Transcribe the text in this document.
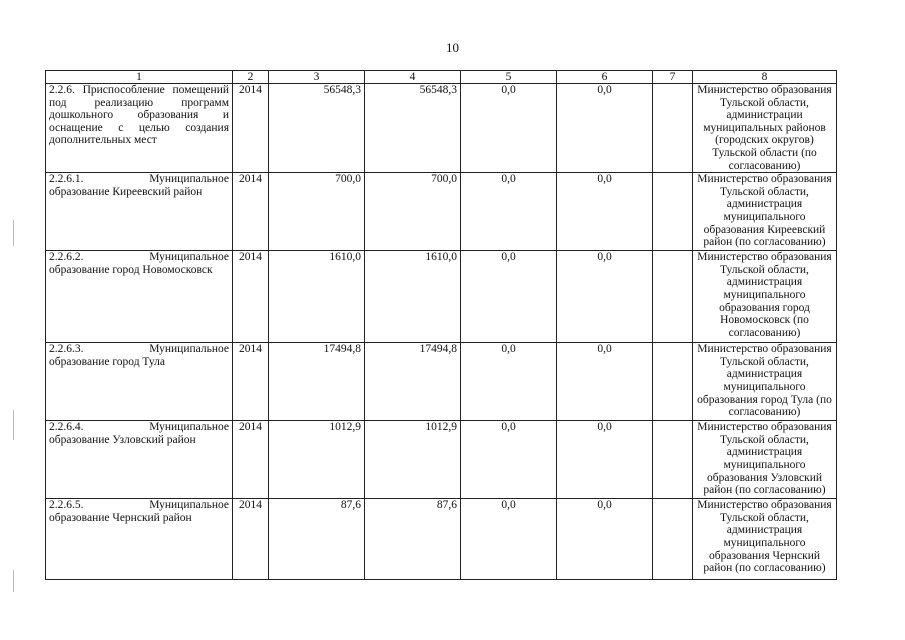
10
1	2	3	4	5	6	7	8
2.2.6. Приспособление помещений под реализацию программ дошкольного образования и оснащение с целью создания дополнительных мест	2014	56548,3	56548,3	0,0	0,0		Министерство образования Тульской области, администрации муниципальных районов (городских округов) Тульской области (по согласованию)
2.2.6.1. Муниципальное образование Киреевский район	2014	700,0	700,0	0,0	0,0		Министерство образования Тульской области, администрация муниципального образования Киреевский район (по согласованию)
2.2.6.2. Муниципальное образование город Новомосковск	2014	1610,0	1610,0	0,0	0,0		Министерство образования Тульской области, администрация муниципального образования город Новомосковск (по согласованию)
2.2.6.3. Муниципальное образование город Тула	2014	17494,8	17494,8	0,0	0,0		Министерство образования Тульской области, администрация муниципального образования город Тула (по согласованию)
2.2.6.4. Муниципальное образование Узловский район	2014	1012,9	1012,9	0,0	0,0		Министерство образования Тульской области, администрация муниципального образования Узловский район (по согласованию)
2.2.6.5. Муниципальное образование Чернский район	2014	87,6	87,6	0,0	0,0		Министерство образования Тульской области, администрация муниципального образования Чернский район (по согласованию)
